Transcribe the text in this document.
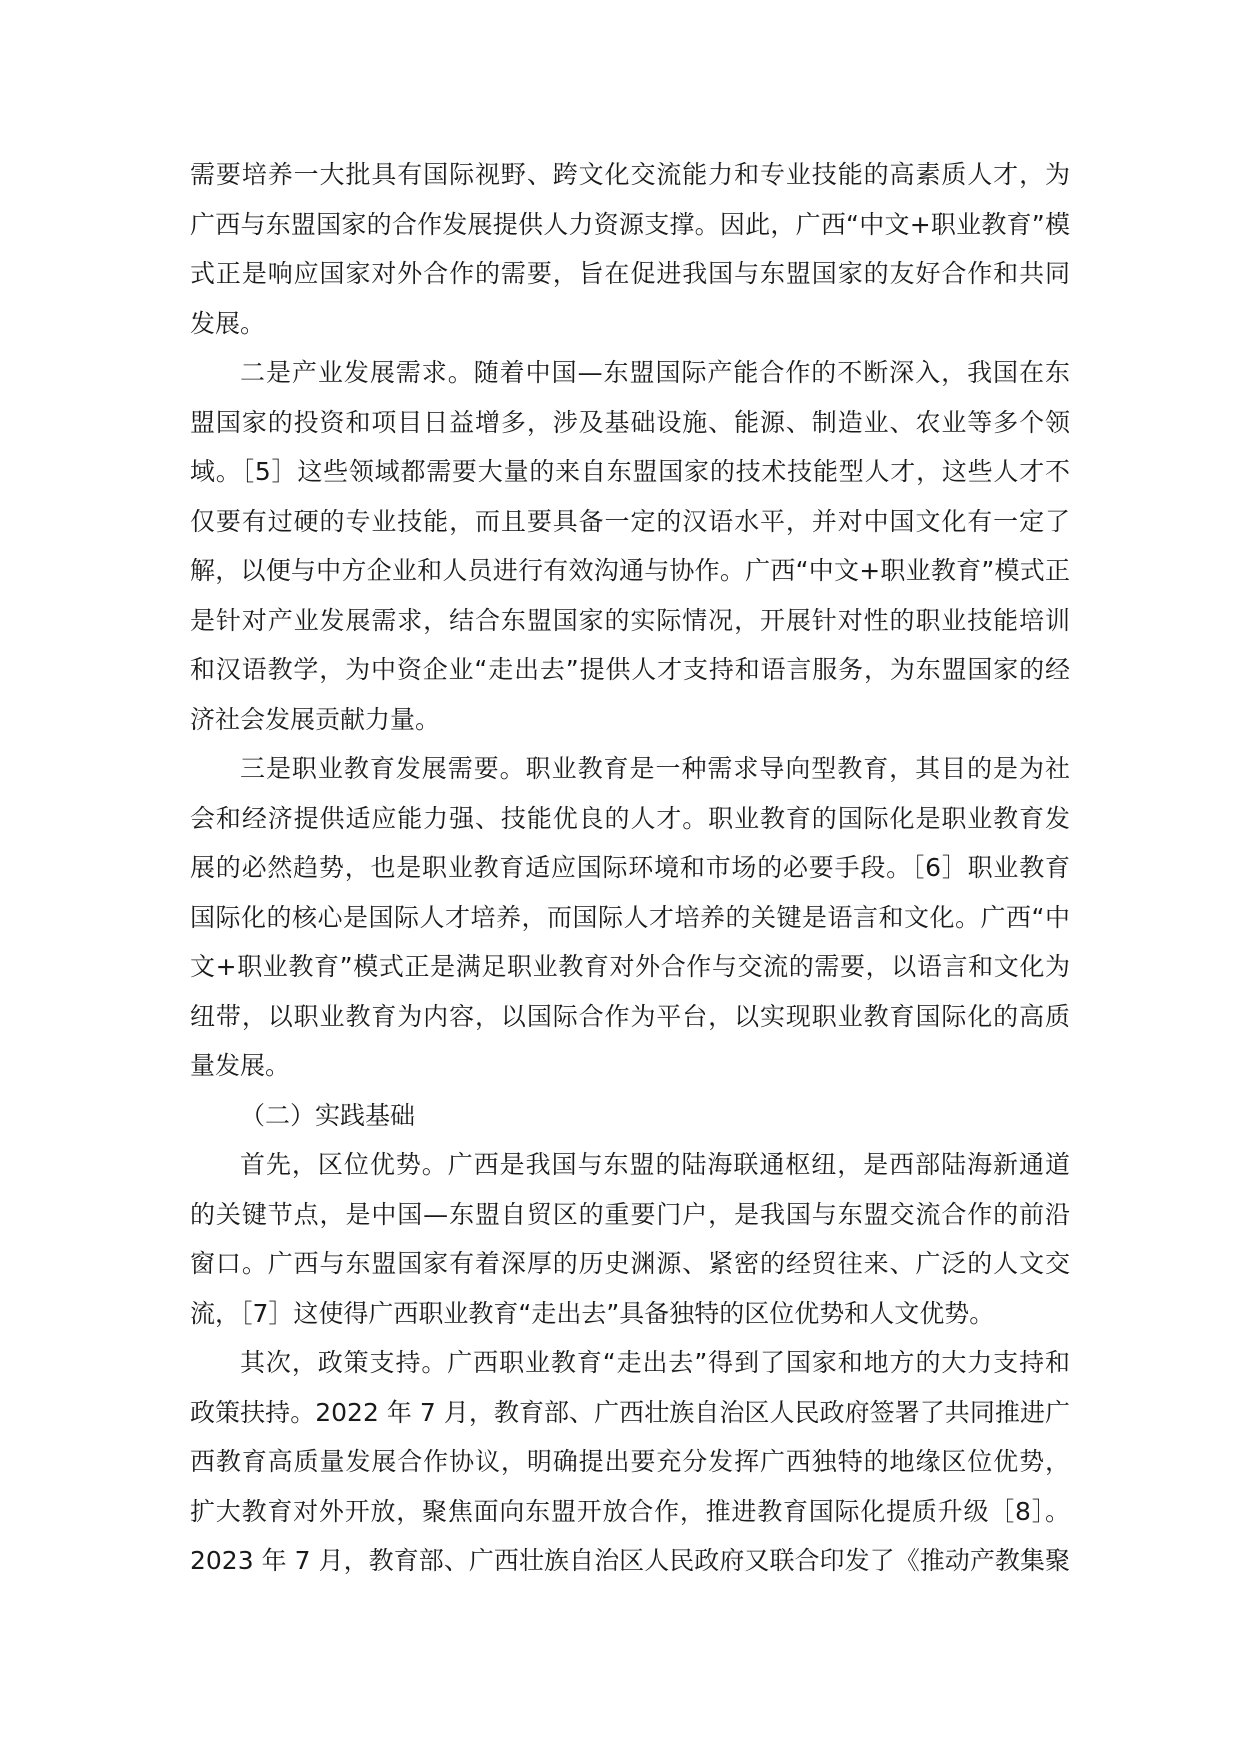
需要培养一大批具有国际视野、跨文化交流能力和专业技能的高素质人才，为
广西与东盟国家的合作发展提供人力资源支撑。因此，广西“中文+职业教育”模
式正是响应国家对外合作的需要，旨在促进我国与东盟国家的友好合作和共同
发展。
二是产业发展需求。随着中国—东盟国际产能合作的不断深入，我国在东
盟国家的投资和项目日益增多，涉及基础设施、能源、制造业、农业等多个领
域。［5］这些领域都需要大量的来自东盟国家的技术技能型人才，这些人才不
仅要有过硬的专业技能，而且要具备一定的汉语水平，并对中国文化有一定了
解，以便与中方企业和人员进行有效沟通与协作。广西“中文+职业教育”模式正
是针对产业发展需求，结合东盟国家的实际情况，开展针对性的职业技能培训
和汉语教学，为中资企业“走出去”提供人才支持和语言服务，为东盟国家的经
济社会发展贡献力量。
三是职业教育发展需要。职业教育是一种需求导向型教育，其目的是为社
会和经济提供适应能力强、技能优良的人才。职业教育的国际化是职业教育发
展的必然趋势，也是职业教育适应国际环境和市场的必要手段。［6］职业教育
国际化的核心是国际人才培养，而国际人才培养的关键是语言和文化。广西“中
文+职业教育”模式正是满足职业教育对外合作与交流的需要，以语言和文化为
纽带，以职业教育为内容，以国际合作为平台，以实现职业教育国际化的高质
量发展。
（二）实践基础
首先，区位优势。广西是我国与东盟的陆海联通枢纽，是西部陆海新通道
的关键节点，是中国—东盟自贸区的重要门户，是我国与东盟交流合作的前沿
窗口。广西与东盟国家有着深厚的历史渊源、紧密的经贸往来、广泛的人文交
流，［7］这使得广西职业教育“走出去”具备独特的区位优势和人文优势。
其次，政策支持。广西职业教育“走出去”得到了国家和地方的大力支持和
政策扶持。2022 年 7 月，教育部、广西壮族自治区人民政府签署了共同推进广
西教育高质量发展合作协议，明确提出要充分发挥广西独特的地缘区位优势，
扩大教育对外开放，聚焦面向东盟开放合作，推进教育国际化提质升级［8］。
2023 年 7 月，教育部、广西壮族自治区人民政府又联合印发了《推动产教集聚
